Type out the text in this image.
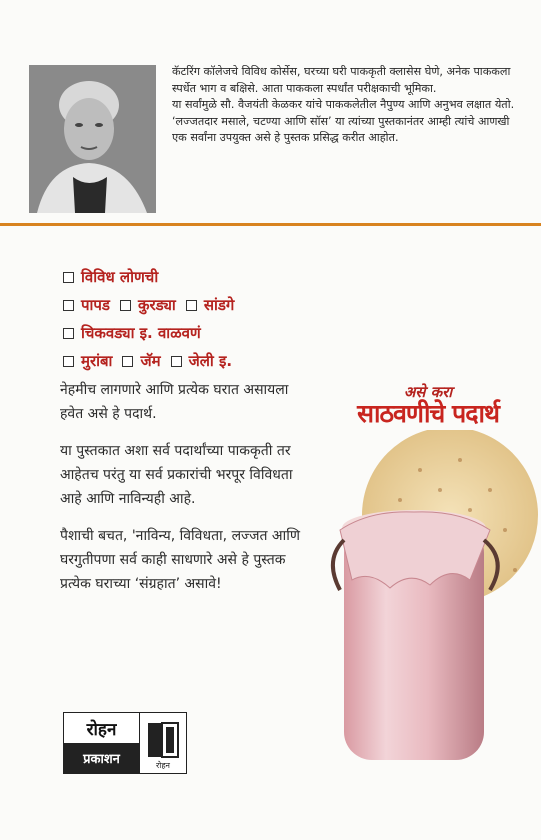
कॅटरिंग कॉलेजचे विविध कोर्सेस, घरच्या घरी पाककृती क्लासेस घेणे, अनेक पाककला स्पर्धेत भाग व बक्षिसे. आता पाककला स्पर्धांत परीक्षकाची भूमिका.

या सर्वांमुळे सौ. वैजयंती केळकर यांचे पाककलेतील नैपुण्य आणि अनुभव लक्षात येतो.

‘लज्जतदार मसाले, चटण्या आणि सॉस’ या त्यांच्या पुस्तकानंतर आम्ही त्यांचे आणखी एक सर्वांना उपयुक्त असे हे पुस्तक प्रसिद्ध करीत आहोत.

विविध लोणची
पापड कुरड्या सांडगे
चिकवड्या इ. वाळवणं
मुरांबा जॅम जेली इ.

नेहमीच लागणारे आणि प्रत्येक घरात असायला हवेत असे हे पदार्थ.

या पुस्तकात अशा सर्व पदार्थांच्या पाककृती तर आहेतच परंतु या सर्व प्रकारांची भरपूर विविधता आहे आणि नाविन्यही आहे.

पैशाची बचत, 'नाविन्य, विविधता, लज्जत आणि घरगुतीपणा सर्व काही साधणारे असे हे पुस्तक प्रत्येक घराच्या ‘संग्रहात’ असावे!

असे करा
साठवणीचे पदार्थ
रोहन
प्रकाशन	रोहन
